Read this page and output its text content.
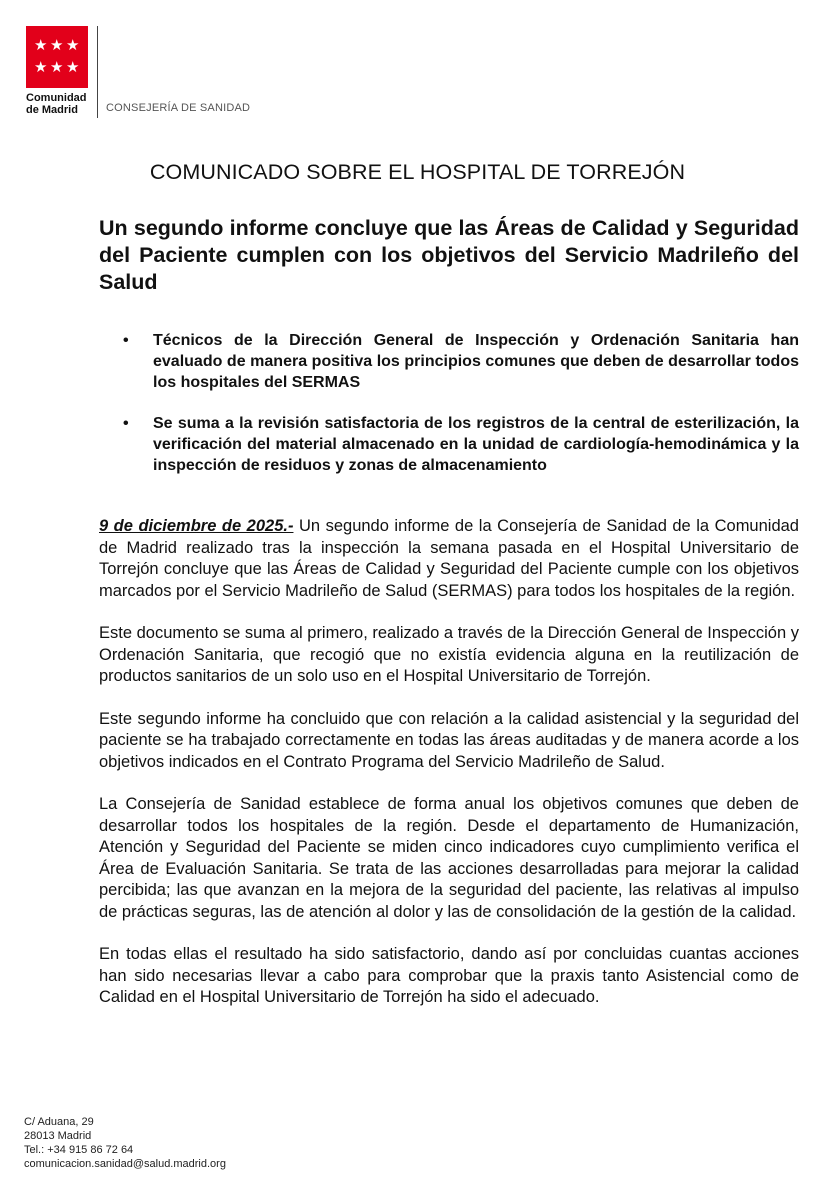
★ ★ ★
★ ★ ★
Comunidad
de Madrid	CONSEJERÍA DE SANIDAD
COMUNICADO SOBRE EL HOSPITAL DE TORREJÓN
Un segundo informe concluye que las Áreas de Calidad y Seguridad del Paciente cumplen con los objetivos del Servicio Madrileño del Salud
• Técnicos de la Dirección General de Inspección y Ordenación Sanitaria han evaluado de manera positiva los principios comunes que deben de desarrollar todos los hospitales del SERMAS
• Se suma a la revisión satisfactoria de los registros de la central de esterilización, la verificación del material almacenado en la unidad de cardiología-hemodinámica y la inspección de residuos y zonas de almacenamiento

9 de diciembre de 2025.- Un segundo informe de la Consejería de Sanidad de la Comunidad de Madrid realizado tras la inspección la semana pasada en el Hospital Universitario de Torrejón concluye que las Áreas de Calidad y Seguridad del Paciente cumple con los objetivos marcados por el Servicio Madrileño de Salud (SERMAS) para todos los hospitales de la región.

Este documento se suma al primero, realizado a través de la Dirección General de Inspección y Ordenación Sanitaria, que recogió que no existía evidencia alguna en la reutilización de productos sanitarios de un solo uso en el Hospital Universitario de Torrejón.

Este segundo informe ha concluido que con relación a la calidad asistencial y la seguridad del paciente se ha trabajado correctamente en todas las áreas auditadas y de manera acorde a los objetivos indicados en el Contrato Programa del Servicio Madrileño de Salud.

La Consejería de Sanidad establece de forma anual los objetivos comunes que deben de desarrollar todos los hospitales de la región. Desde el departamento de Humanización, Atención y Seguridad del Paciente se miden cinco indicadores cuyo cumplimiento verifica el Área de Evaluación Sanitaria. Se trata de las acciones desarrolladas para mejorar la calidad percibida; las que avanzan en la mejora de la seguridad del paciente, las relativas al impulso de prácticas seguras, las de atención al dolor y las de consolidación de la gestión de la calidad.

En todas ellas el resultado ha sido satisfactorio, dando así por concluidas cuantas acciones han sido necesarias llevar a cabo para comprobar que la praxis tanto Asistencial como de Calidad en el Hospital Universitario de Torrejón ha sido el adecuado.

C/ Aduana, 29
28013 Madrid
Tel.: +34 915 86 72 64
comunicacion.sanidad@salud.madrid.org
